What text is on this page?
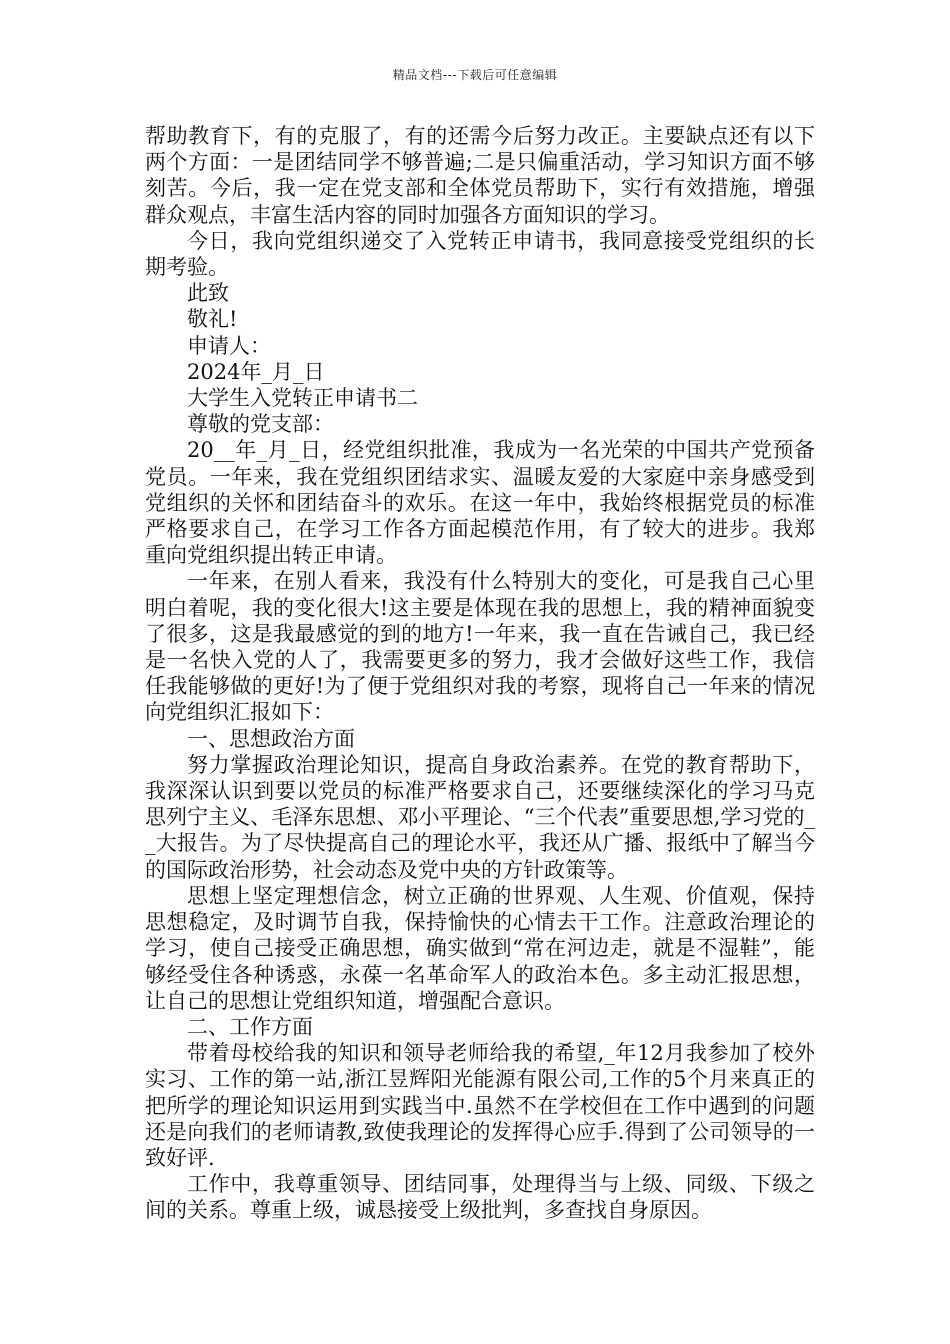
精品文档---下载后可任意编辑

帮助教育下，有的克服了，有的还需今后努力改正。主要缺点还有以下两个方面：一是团结同学不够普遍;二是只偏重活动，学习知识方面不够刻苦。今后，我一定在党支部和全体党员帮助下，实行有效措施，增强群众观点，丰富生活内容的同时加强各方面知识的学习。

今日，我向党组织递交了入党转正申请书，我同意接受党组织的长期考验。

此致

敬礼!

申请人：

2024年_月_日

大学生入党转正申请书二

尊敬的党支部：

20__年_月_日，经党组织批准，我成为一名光荣的中国共产党预备党员。一年来，我在党组织团结求实、温暖友爱的大家庭中亲身感受到党组织的关怀和团结奋斗的欢乐。在这一年中，我始终根据党员的标准严格要求自己，在学习工作各方面起模范作用，有了较大的进步。我郑重向党组织提出转正申请。

一年来，在别人看来，我没有什么特别大的变化，可是我自己心里明白着呢，我的变化很大!这主要是体现在我的思想上，我的精神面貌变了很多，这是我最感觉的到的地方!一年来，我一直在告诫自己，我已经是一名快入党的人了，我需要更多的努力，我才会做好这些工作，我信任我能够做的更好!为了便于党组织对我的考察，现将自己一年来的情况向党组织汇报如下：

一、思想政治方面

努力掌握政治理论知识，提高自身政治素养。在党的教育帮助下，我深深认识到要以党员的标准严格要求自己，还要继续深化的学习马克思列宁主义、毛泽东思想、邓小平理论、“三个代表”重要思想,学习党的__大报告。为了尽快提高自己的理论水平，我还从广播、报纸中了解当今的国际政治形势，社会动态及党中央的方针政策等。

思想上坚定理想信念，树立正确的世界观、人生观、价值观，保持思想稳定，及时调节自我，保持愉快的心情去干工作。注意政治理论的学习，使自己接受正确思想，确实做到“常在河边走，就是不湿鞋”，能够经受住各种诱惑，永葆一名革命军人的政治本色。多主动汇报思想，让自己的思想让党组织知道，增强配合意识。

二、工作方面

带着母校给我的知识和领导老师给我的希望,_年12月我参加了校外实习、工作的第一站,浙江昱辉阳光能源有限公司,工作的5个月来真正的把所学的理论知识运用到实践当中.虽然不在学校但在工作中遇到的问题还是向我们的老师请教,致使我理论的发挥得心应手.得到了公司领导的一致好评.

工作中，我尊重领导、团结同事，处理得当与上级、同级、下级之间的关系。尊重上级，诚恳接受上级批判，多查找自身原因。
